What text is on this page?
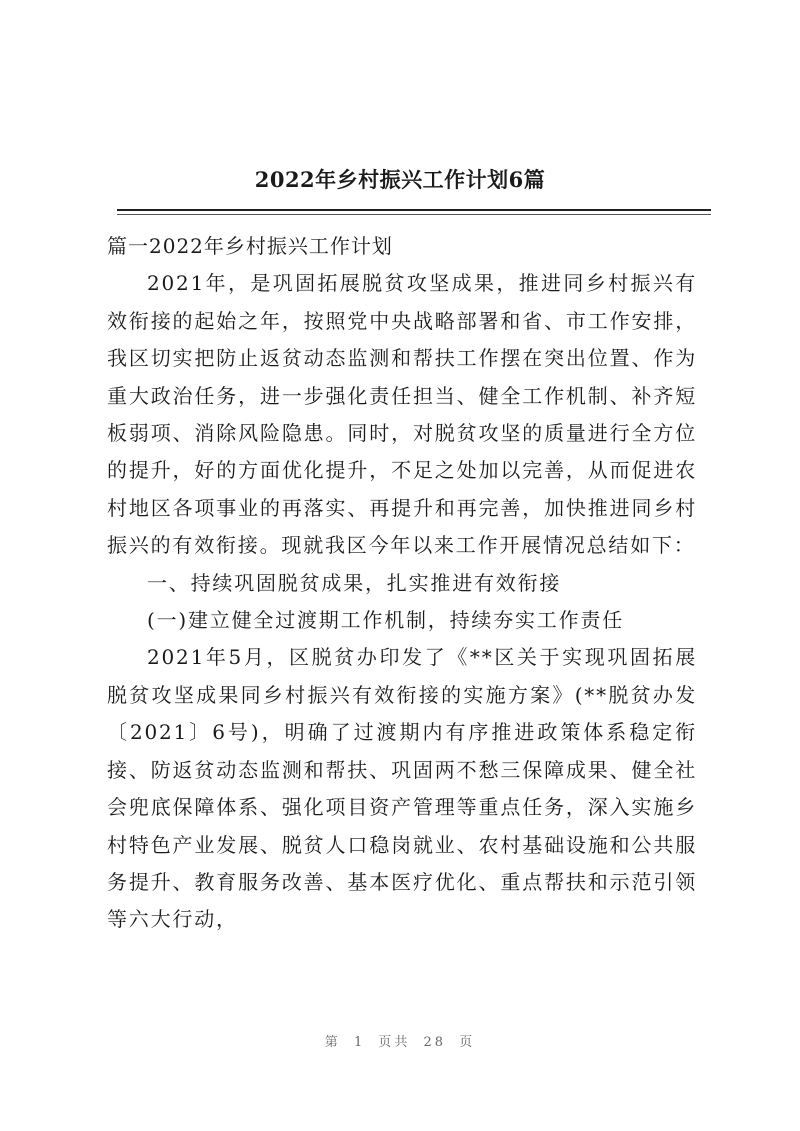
2022年乡村振兴工作计划6篇

篇一2022年乡村振兴工作计划

2021年，是巩固拓展脱贫攻坚成果，推进同乡村振兴有效衔接的起始之年，按照党中央战略部署和省、市工作安排，我区切实把防止返贫动态监测和帮扶工作摆在突出位置、作为重大政治任务，进一步强化责任担当、健全工作机制、补齐短板弱项、消除风险隐患。同时，对脱贫攻坚的质量进行全方位的提升，好的方面优化提升，不足之处加以完善，从而促进农村地区各项事业的再落实、再提升和再完善，加快推进同乡村振兴的有效衔接。现就我区今年以来工作开展情况总结如下：

一、持续巩固脱贫成果，扎实推进有效衔接

(一)建立健全过渡期工作机制，持续夯实工作责任

2021年5月，区脱贫办印发了《**区关于实现巩固拓展脱贫攻坚成果同乡村振兴有效衔接的实施方案》(**脱贫办发〔2021〕6号)，明确了过渡期内有序推进政策体系稳定衔接、防返贫动态监测和帮扶、巩固两不愁三保障成果、健全社会兜底保障体系、强化项目资产管理等重点任务，深入实施乡村特色产业发展、脱贫人口稳岗就业、农村基础设施和公共服务提升、教育服务改善、基本医疗优化、重点帮扶和示范引领等六大行动，

第 1 页共 28 页
